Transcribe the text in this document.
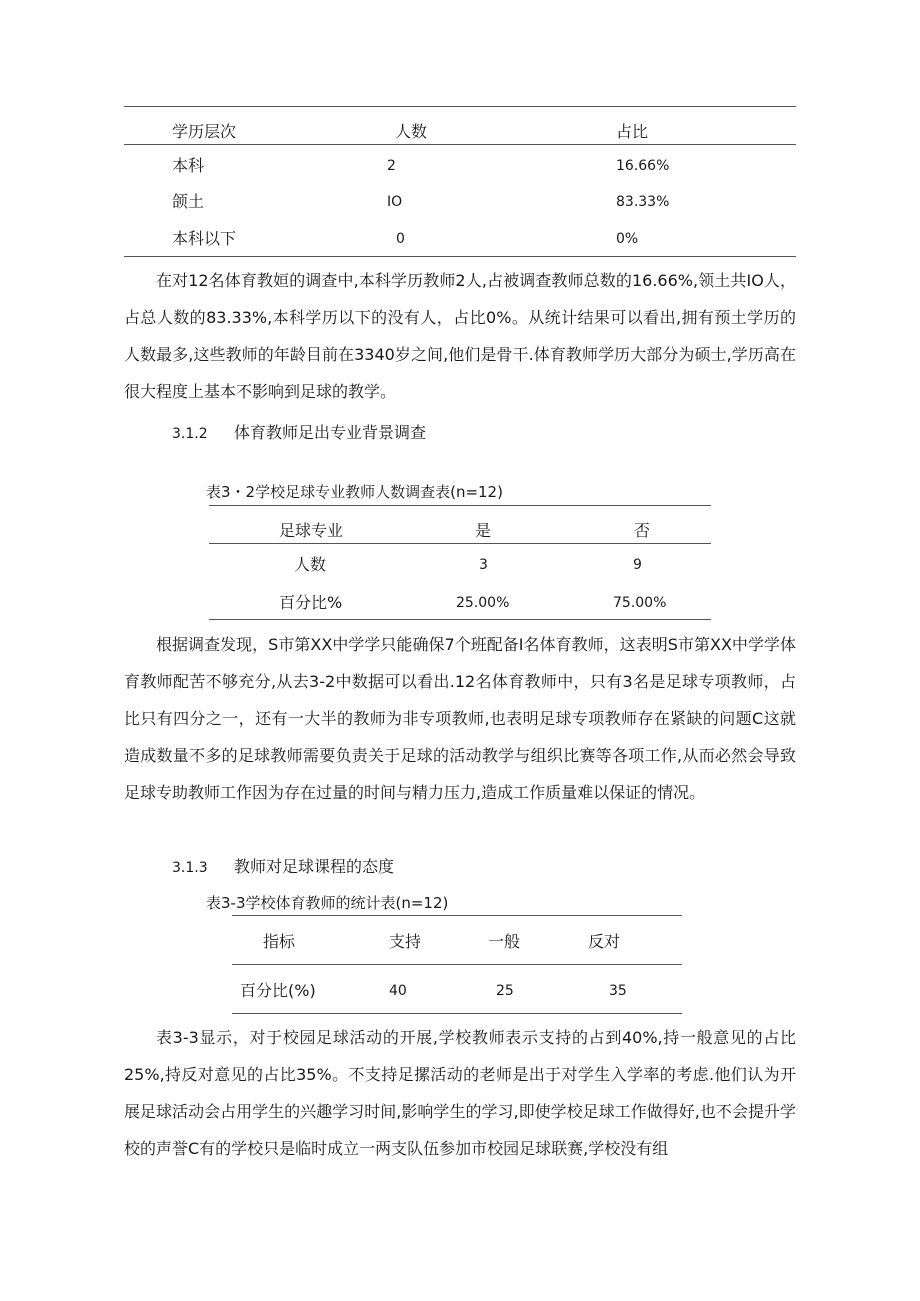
学历层次	人数	占比
本科	2	16.66%
颌土	IO	83.33%
本科以下	0	0%

在对12名体育教姮的调查中,本科学历教师2人,占被调查教师总数的16.66%,领土共IO人，占总人数的83.33%,本科学历以下的没有人，占比0%。从统计结果可以看出,拥有预土学历的人数最多,这些教师的年龄目前在3340岁之间,他们是骨干.体育教师学历大部分为硕士,学历高在很大程度上基本不影响到足球的教学。

3.1.2 体育教师足出专业背景调查
表3・2学校足球专业教师人数调查表(n=12)
足球专业	是	否
人数	3	9
百分比%	25.00%	75.00%

根据调查发现，S市第XX中学学只能确保7个班配备I名体育教师，这表明S市第XX中学学体育教师配苦不够充分,从去3-2中数据可以看出.12名体育教师中，只有3名是足球专项教师，占比只有四分之一，还有一大半的教师为非专项教师,也表明足球专项教师存在紧缺的问题C这就造成数量不多的足球教师需要负责关于足球的活动教学与组织比赛等各项工作,从而必然会导致足球专助教师工作因为存在过量的时间与精力压力,造成工作质量难以保证的情况。

3.1.3 教师对足球课程的态度
表3-3学校体育教师的统计表(n=12)
指标	支持	一般	反对
百分比(%)	40	25	35

表3-3显示，对于校园足球活动的开展,学校教师表示支持的占到40%,持一般意见的占比25%,持反对意见的占比35%。不支持足摞活动的老师是出于对学生入学率的考虑.他们认为开展足球活动会占用学生的兴趣学习时间,影响学生的学习,即使学校足球工作做得好,也不会提升学校的声誉C有的学校只是临时成立一两支队伍参加市校园足球联赛,学校没有组
